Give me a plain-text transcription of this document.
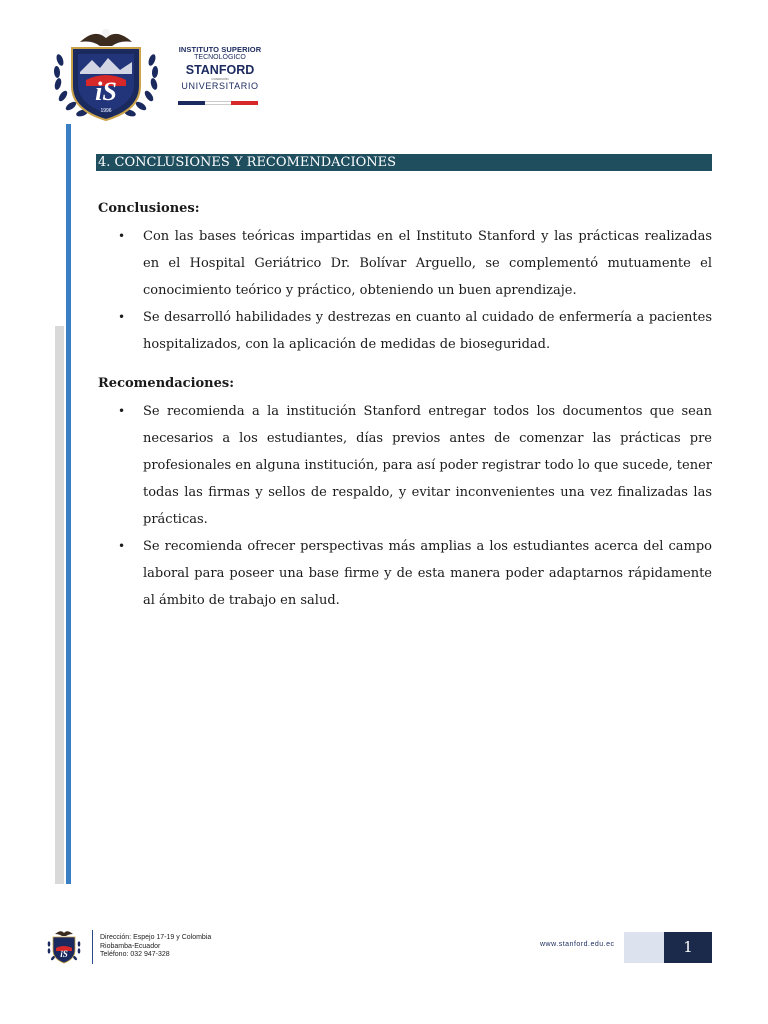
iS
1996
INSTITUTO SUPERIOR
TECNOLÓGICO
STANFORD
CONDICIÓN
UNIVERSITARIO
4. CONCLUSIONES Y RECOMENDACIONES
Conclusiones:
• Con las bases teóricas impartidas en el Instituto Stanford y las prácticas realizadas en el Hospital Geriátrico Dr. Bolívar Arguello, se complementó mutuamente el conocimiento teórico y práctico, obteniendo un buen aprendizaje.
• Se desarrolló habilidades y destrezas en cuanto al cuidado de enfermería a pacientes hospitalizados, con la aplicación de medidas de bioseguridad.
Recomendaciones:
• Se recomienda a la institución Stanford entregar todos los documentos que sean necesarios a los estudiantes, días previos antes de comenzar las prácticas pre profesionales en alguna institución, para así poder registrar todo lo que sucede, tener todas las firmas y sellos de respaldo, y evitar inconvenientes una vez finalizadas las prácticas.
• Se recomienda ofrecer perspectivas más amplias a los estudiantes acerca del campo laboral para poseer una base firme y de esta manera poder adaptarnos rápidamente al ámbito de trabajo en salud.
iS
Dirección: Espejo 17-19 y Colombia
Riobamba-Ecuador
Teléfono: 032 947-328
www.stanford.edu.ec	1
